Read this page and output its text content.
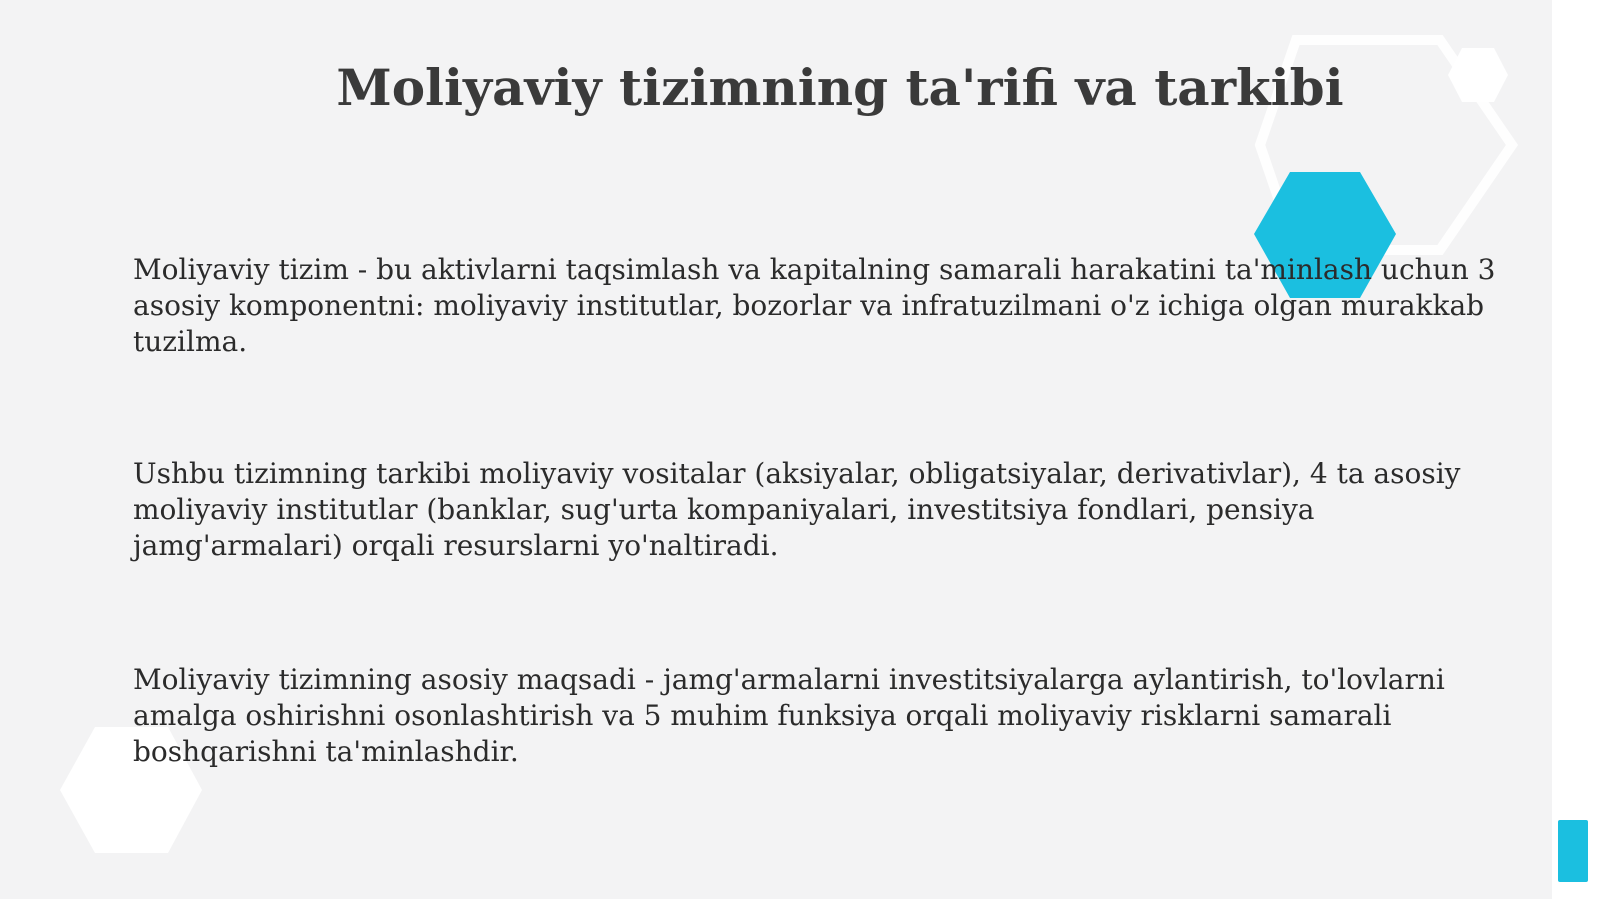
Moliyaviy tizimning ta'rifi va tarkibi

Moliyaviy tizim - bu aktivlarni taqsimlash va kapitalning samarali harakatini ta'minlash uchun 3 asosiy komponentni: moliyaviy institutlar, bozorlar va infratuzilmani o'z ichiga olgan murakkab tuzilma.

Ushbu tizimning tarkibi moliyaviy vositalar (aksiyalar, obligatsiyalar, derivativlar), 4 ta asosiy moliyaviy institutlar (banklar, sug'urta kompaniyalari, investitsiya fondlari, pensiya jamg'armalari) orqali resurslarni yo'naltiradi.

Moliyaviy tizimning asosiy maqsadi - jamg'armalarni investitsiyalarga aylantirish, to'lovlarni amalga oshirishni osonlashtirish va 5 muhim funksiya orqali moliyaviy risklarni samarali boshqarishni ta'minlashdir.
